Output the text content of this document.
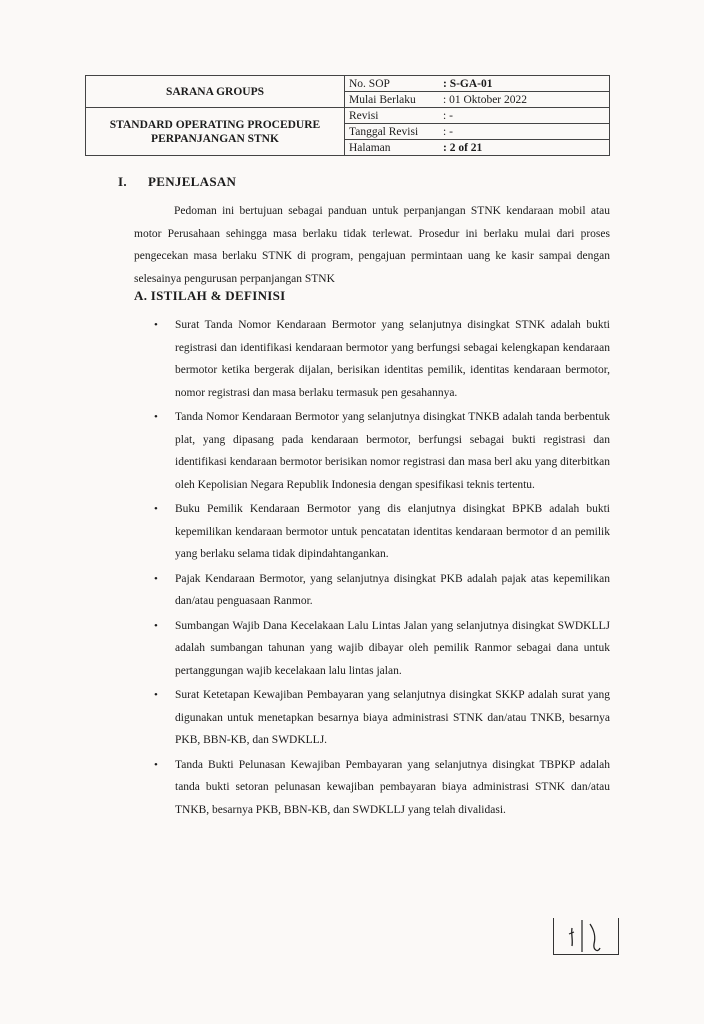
SARANA GROUPS	No. SOP	: S-GA-01
	Mulai Berlaku	: 01 Oktober 2022
STANDARD OPERATING PROCEDURE
PERPANJANGAN STNK	Revisi	: -
	Tanggal Revisi	: -
	Halaman	: 2 of 21
I. PENJELASAN
Pedoman ini bertujuan sebagai panduan untuk perpanjangan STNK kendaraan mobil atau motor Perusahaan sehingga masa berlaku tidak terlewat. Prosedur ini berlaku mulai dari proses pengecekan masa berlaku STNK di program, pengajuan permintaan uang ke kasir sampai dengan selesainya pengurusan perpanjangan STNK
A. ISTILAH & DEFINISI
• Surat Tanda Nomor Kendaraan Bermotor yang selanjutnya disingkat STNK adalah bukti registrasi dan identifikasi kendaraan bermotor yang berfungsi sebagai kelengkapan kendaraan bermotor ketika bergerak dijalan, berisikan identitas pemilik, identitas kendaraan bermotor, nomor registrasi dan masa berlaku termasuk pen gesahannya.
• Tanda Nomor Kendaraan Bermotor yang selanjutnya disingkat TNKB adalah tanda berbentuk plat, yang dipasang pada kendaraan bermotor, berfungsi sebagai bukti registrasi dan identifikasi kendaraan bermotor berisikan nomor registrasi dan masa berl aku yang diterbitkan oleh Kepolisian Negara Republik Indonesia dengan spesifikasi teknis tertentu.
• Buku Pemilik Kendaraan Bermotor yang dis elanjutnya disingkat BPKB adalah bukti kepemilikan kendaraan bermotor untuk pencatatan identitas kendaraan bermotor d an pemilik yang berlaku selama tidak dipindahtangankan.
• Pajak Kendaraan Bermotor, yang selanjutnya disingkat PKB adalah pajak atas kepemilikan dan/atau penguasaan Ranmor.
• Sumbangan Wajib Dana Kecelakaan Lalu Lintas Jalan yang selanjutnya disingkat SWDKLLJ adalah sumbangan tahunan yang wajib dibayar oleh pemilik Ranmor sebagai dana untuk pertanggungan wajib kecelakaan lalu lintas jalan.
• Surat Ketetapan Kewajiban Pembayaran yang selanjutnya disingkat SKKP adalah surat yang digunakan untuk menetapkan besarnya biaya administrasi STNK dan/atau TNKB, besarnya PKB, BBN-KB, dan SWDKLLJ.
• Tanda Bukti Pelunasan Kewajiban Pembayaran yang selanjutnya disingkat TBPKP adalah tanda bukti setoran pelunasan kewajiban pembayaran biaya administrasi STNK dan/atau TNKB, besarnya PKB, BBN-KB, dan SWDKLLJ yang telah divalidasi.
